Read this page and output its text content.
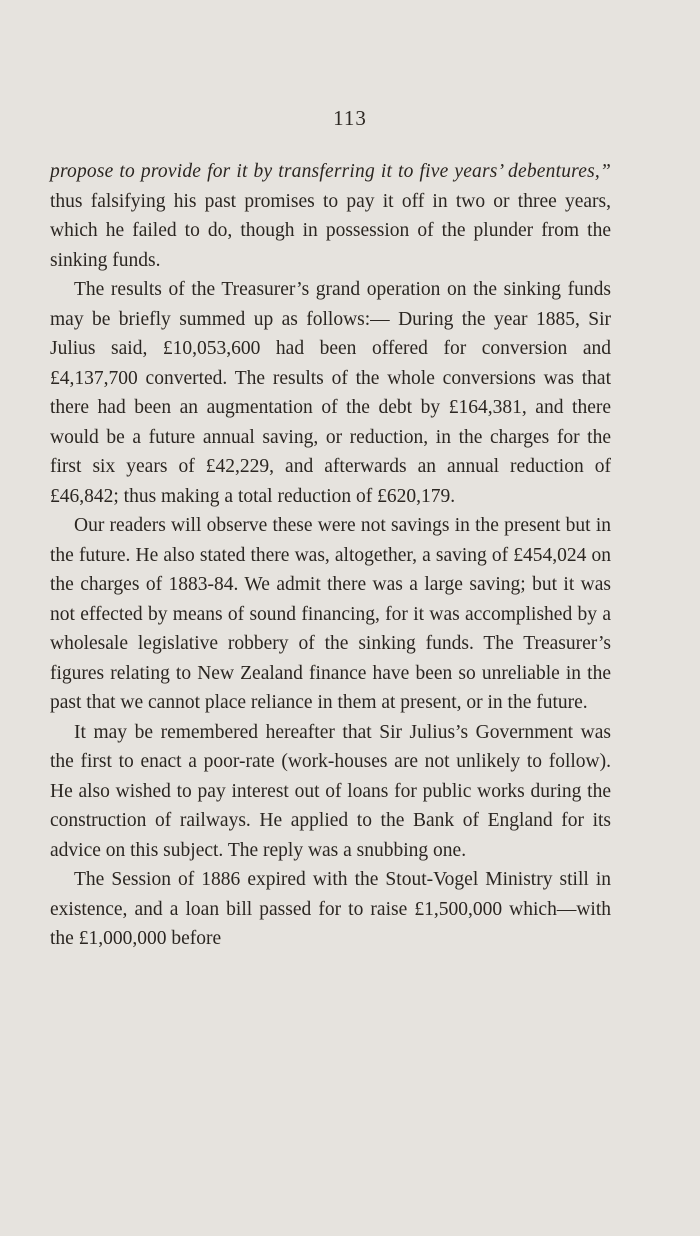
113

propose to provide for it by transferring it to five years’ debentures,” thus falsifying his past promises to pay it off in two or three years, which he failed to do, though in possession of the plunder from the sinking funds.

The results of the Treasurer’s grand operation on the sinking funds may be briefly summed up as follows:— During the year 1885, Sir Julius said, £10,053,600 had been offered for conversion and £4,137,700 converted. The results of the whole conversions was that there had been an augmentation of the debt by £164,381, and there would be a future annual saving, or reduction, in the charges for the first six years of £42,229, and afterwards an annual reduction of £46,842; thus making a total reduction of £620,179.

Our readers will observe these were not savings in the present but in the future. He also stated there was, altogether, a saving of £454,024 on the charges of 1883-84. We admit there was a large saving; but it was not effected by means of sound financing, for it was accomplished by a wholesale legislative robbery of the sinking funds. The Treasurer’s figures relating to New Zealand finance have been so unreliable in the past that we cannot place reliance in them at present, or in the future.

It may be remembered hereafter that Sir Julius’s Government was the first to enact a poor-rate (work-houses are not unlikely to follow). He also wished to pay interest out of loans for public works during the construction of railways. He applied to the Bank of England for its advice on this subject. The reply was a snubbing one.

The Session of 1886 expired with the Stout-Vogel Ministry still in existence, and a loan bill passed for to raise £1,500,000 which—with the £1,000,000 before
